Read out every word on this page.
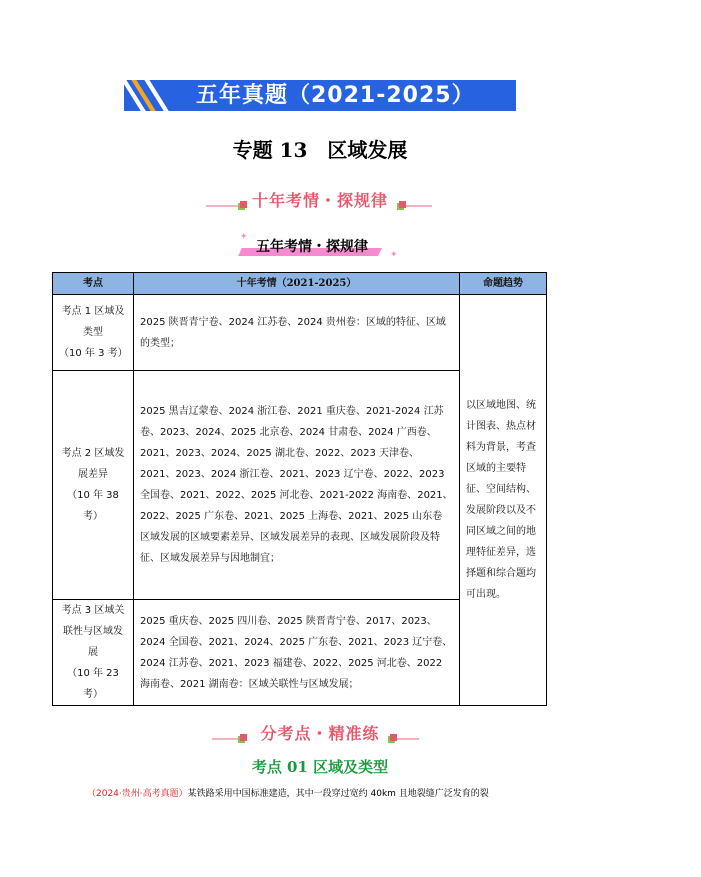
五年真题（2021-2025）
专题 13　区域发展
十年考情・探规律
✦
✦
五年考情・探规律
考点	十年考情（2021-2025）	命题趋势

考点 1 区域及类型
（10 年 3 考）	2025 陕晋青宁卷、2024 江苏卷、2024 贵州卷：区域的特征、区域的类型；	以区域地图、统计图表、热点材料为背景，考查区域的主要特征、空间结构、发展阶段以及不同区域之间的地理特征差异，选择题和综合题均可出现。

考点 2 区域发展差异
（10 年 38 考）	2025 黑吉辽蒙卷、2024 浙江卷、2021 重庆卷、2021-2024 江苏卷、2023、2024、2025 北京卷、2024 甘肃卷、2024 广西卷、2021、2023、2024、2025 湖北卷、2022、2023 天津卷、2021、2023、2024 浙江卷、2021、2023 辽宁卷、2022、2023 全国卷、2021、2022、2025 河北卷、2021-2022 海南卷、2021、2022、2025 广东卷、2021、2025 上海卷、2021、2025 山东卷 区域发展的区域要素差异、区域发展差异的表现、区域发展阶段及特征、区域发展差异与因地制宜；	

考点 3 区域关联性与区域发展
（10 年 23 考）	2025 重庆卷、2025 四川卷、2025 陕晋青宁卷、2017、2023、2024 全国卷、2021、2024、2025 广东卷、2021、2023 辽宁卷、2024 江苏卷、2021、2023 福建卷、2022、2025 河北卷、2022 海南卷、2021 湖南卷：区域关联性与区域发展；	
分考点・精准练
考点 01 区域及类型
（2024·贵州·高考真题）某铁路采用中国标准建造，其中一段穿过宽约 40km 且地裂缝广泛发育的裂
